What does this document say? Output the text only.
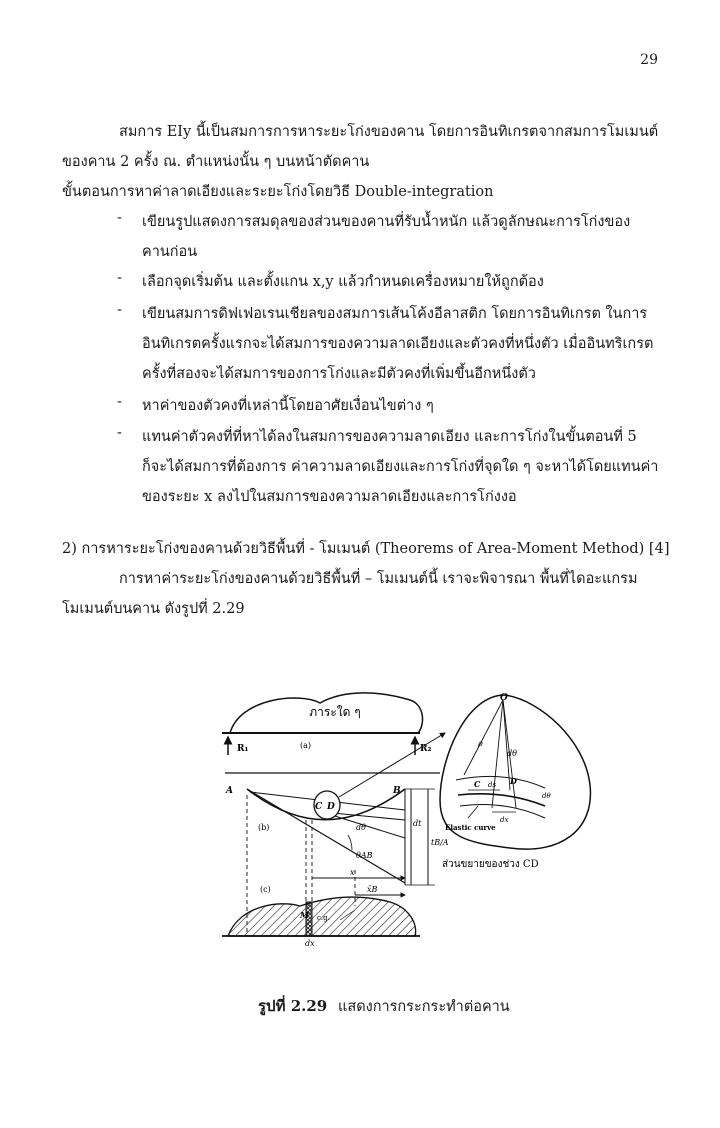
29
สมการ EIy นี้เป็นสมการการหาระยะโก่งของคาน โดยการอินทิเกรตจากสมการโมเมนต์
ของคาน 2 ครั้ง ณ. ตำแหน่งนั้น ๆ บนหน้าตัดคาน
ขั้นตอนการหาค่าลาดเอียงและระยะโก่งโดยวิธี Double-integration
- เขียนรูปแสดงการสมดุลของส่วนของคานที่รับน้ำหนัก แล้วดูลักษณะการโก่งของ
คานก่อน
- เลือกจุดเริ่มต้น และตั้งแกน x,y แล้วกำหนดเครื่องหมายให้ถูกต้อง
- เขียนสมการดิฟเฟอเรนเชียลของสมการเส้นโค้งอีลาสติก โดยการอินทิเกรต ในการ
อินทิเกรตครั้งแรกจะได้สมการของความลาดเอียงและตัวคงที่หนึ่งตัว เมื่ออินทริเกรต
ครั้งที่สองจะได้สมการของการโก่งและมีตัวคงที่เพิ่มขึ้นอีกหนึ่งตัว
- หาค่าของตัวคงที่เหล่านี้โดยอาศัยเงื่อนไขต่าง ๆ
- แทนค่าตัวคงที่ที่หาได้ลงในสมการของความลาดเอียง และการโก่งในขั้นตอนที่ 5
ก็จะได้สมการที่ต้องการ ค่าความลาดเอียงและการโก่งที่จุดใด ๆ จะหาได้โดยแทนค่า
ของระยะ x ลงไปในสมการของความลาดเอียงและการโก่งงอ
2) การหาระยะโก่งของคานด้วยวิธีพื้นที่ - โมเมนต์ (Theorems of Area-Moment Method) [4]
การหาค่าระยะโก่งของคานด้วยวิธีพื้นที่ – โมเมนต์นี้ เราจะพิจารณา พื้นที่ไดอะแกรม
โมเมนต์บนคาน ดังรูปที่ 2.29
ภาระใด ๆ
R₁	R₂
(a)
A	B
C D
dt
dθ
θAB
tB/A
(b)
(c)
x
x̄B
M c.g.
dx
O
ρ
dθ
C ds D
dθ
dx
Elastic curve
ส่วนขยายของช่วง CD
รูปที่ 2.29 แสดงการกระกระทำต่อคาน
